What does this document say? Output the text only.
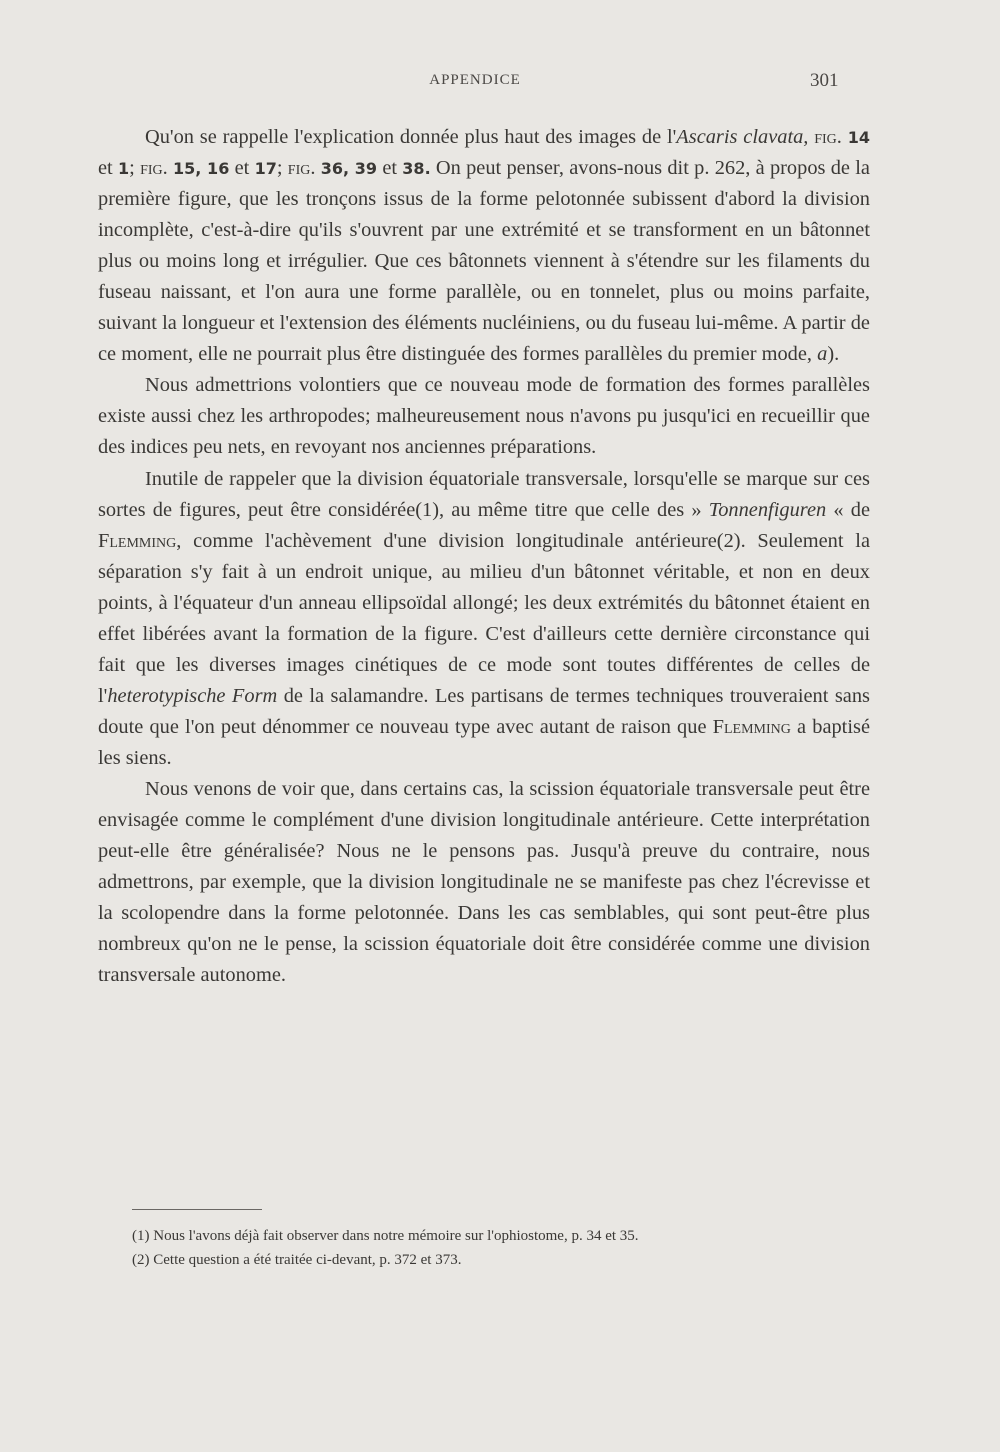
APPENDICE	301

Qu'on se rappelle l'explication donnée plus haut des images de l'Ascaris clavata, fig. 14 et 1; fig. 15, 16 et 17; fig. 36, 39 et 38. On peut penser, avons-nous dit p. 262, à propos de la première figure, que les tronçons issus de la forme pelotonnée subissent d'abord la division incomplète, c'est-à-dire qu'ils s'ouvrent par une extrémité et se transforment en un bâtonnet plus ou moins long et irrégulier. Que ces bâtonnets viennent à s'étendre sur les filaments du fuseau naissant, et l'on aura une forme parallèle, ou en tonnelet, plus ou moins parfaite, suivant la longueur et l'extension des éléments nucléiniens, ou du fuseau lui-même. A partir de ce moment, elle ne pourrait plus être distinguée des formes parallèles du premier mode, a).

Nous admettrions volontiers que ce nouveau mode de formation des formes parallèles existe aussi chez les arthropodes; malheureusement nous n'avons pu jusqu'ici en recueillir que des indices peu nets, en revoyant nos anciennes préparations.

Inutile de rappeler que la division équatoriale transversale, lorsqu'elle se marque sur ces sortes de figures, peut être considérée(1), au même titre que celle des » Tonnenfiguren « de Flemming, comme l'achèvement d'une division longitudinale antérieure(2). Seulement la séparation s'y fait à un endroit unique, au milieu d'un bâtonnet véritable, et non en deux points, à l'équateur d'un anneau ellipsoïdal allongé; les deux extrémités du bâtonnet étaient en effet libérées avant la formation de la figure. C'est d'ailleurs cette dernière circonstance qui fait que les diverses images cinétiques de ce mode sont toutes différentes de celles de l'heterotypische Form de la salamandre. Les partisans de termes techniques trouveraient sans doute que l'on peut dénommer ce nouveau type avec autant de raison que Flemming a baptisé les siens.

Nous venons de voir que, dans certains cas, la scission équatoriale transversale peut être envisagée comme le complément d'une division longitudinale antérieure. Cette interprétation peut-elle être généralisée? Nous ne le pensons pas. Jusqu'à preuve du contraire, nous admettrons, par exemple, que la division longitudinale ne se manifeste pas chez l'écrevisse et la scolopendre dans la forme pelotonnée. Dans les cas semblables, qui sont peut-être plus nombreux qu'on ne le pense, la scission équatoriale doit être considérée comme une division transversale autonome.

(1) Nous l'avons déjà fait observer dans notre mémoire sur l'ophiostome, p. 34 et 35.

(2) Cette question a été traitée ci-devant, p. 372 et 373.
